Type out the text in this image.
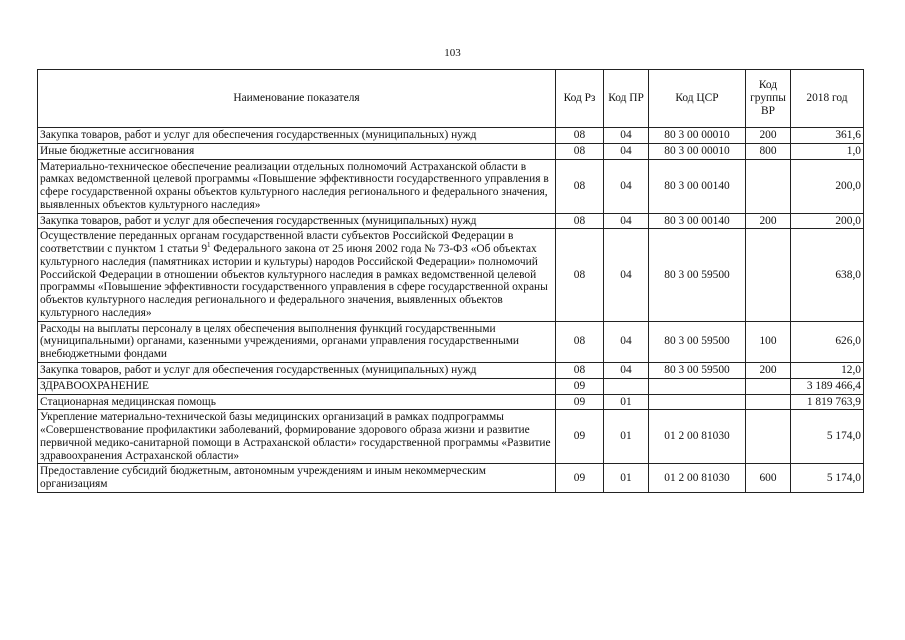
103
Наименование показателя	Код Рз	Код ПР	Код ЦСР	Код группы ВР	2018 год
Закупка товаров, работ и услуг для обеспечения государственных (муниципальных) нужд	08	04	80 3 00 00010	200	361,6
Иные бюджетные ассигнования	08	04	80 3 00 00010	800	1,0
Материально-техническое обеспечение реализации отдельных полномочий Астраханской области в рамках ведомственной целевой программы «Повышение эффективности государственного управления в сфере государственной охраны объектов культурного наследия регионального и федерального значения, выявленных объектов культурного наследия»	08	04	80 3 00 00140		200,0
Закупка товаров, работ и услуг для обеспечения государственных (муниципальных) нужд	08	04	80 3 00 00140	200	200,0
Осуществление переданных органам государственной власти субъектов Российской Федерации в соответствии с пунктом 1 статьи $9^1$ Федерального закона от 25 июня 2002 года № 73-ФЗ «Об объектах культурного наследия (памятниках истории и культуры) народов Российской Федерации» полномочий Российской Федерации в отношении объектов культурного наследия в рамках ведомственной целевой программы «Повышение эффективности государственного управления в сфере государственной охраны объектов культурного наследия регионального и федерального значения, выявленных объектов культурного наследия»	08	04	80 3 00 59500		638,0
Расходы на выплаты персоналу в целях обеспечения выполнения функций государственными (муниципальными) органами, казенными учреждениями, органами управления государственными внебюджетными фондами	08	04	80 3 00 59500	100	626,0
Закупка товаров, работ и услуг для обеспечения государственных (муниципальных) нужд	08	04	80 3 00 59500	200	12,0
ЗДРАВООХРАНЕНИЕ	09				3 189 466,4
Стационарная медицинская помощь	09	01			1 819 763,9
Укрепление материально-технической базы медицинских организаций в рамках подпрограммы «Совершенствование профилактики заболеваний, формирование здорового образа жизни и развитие первичной медико-санитарной помощи в Астраханской области» государственной программы «Развитие здравоохранения Астраханской области»	09	01	01 2 00 81030		5 174,0
Предоставление субсидий бюджетным, автономным учреждениям и иным некоммерческим организациям	09	01	01 2 00 81030	600	5 174,0
